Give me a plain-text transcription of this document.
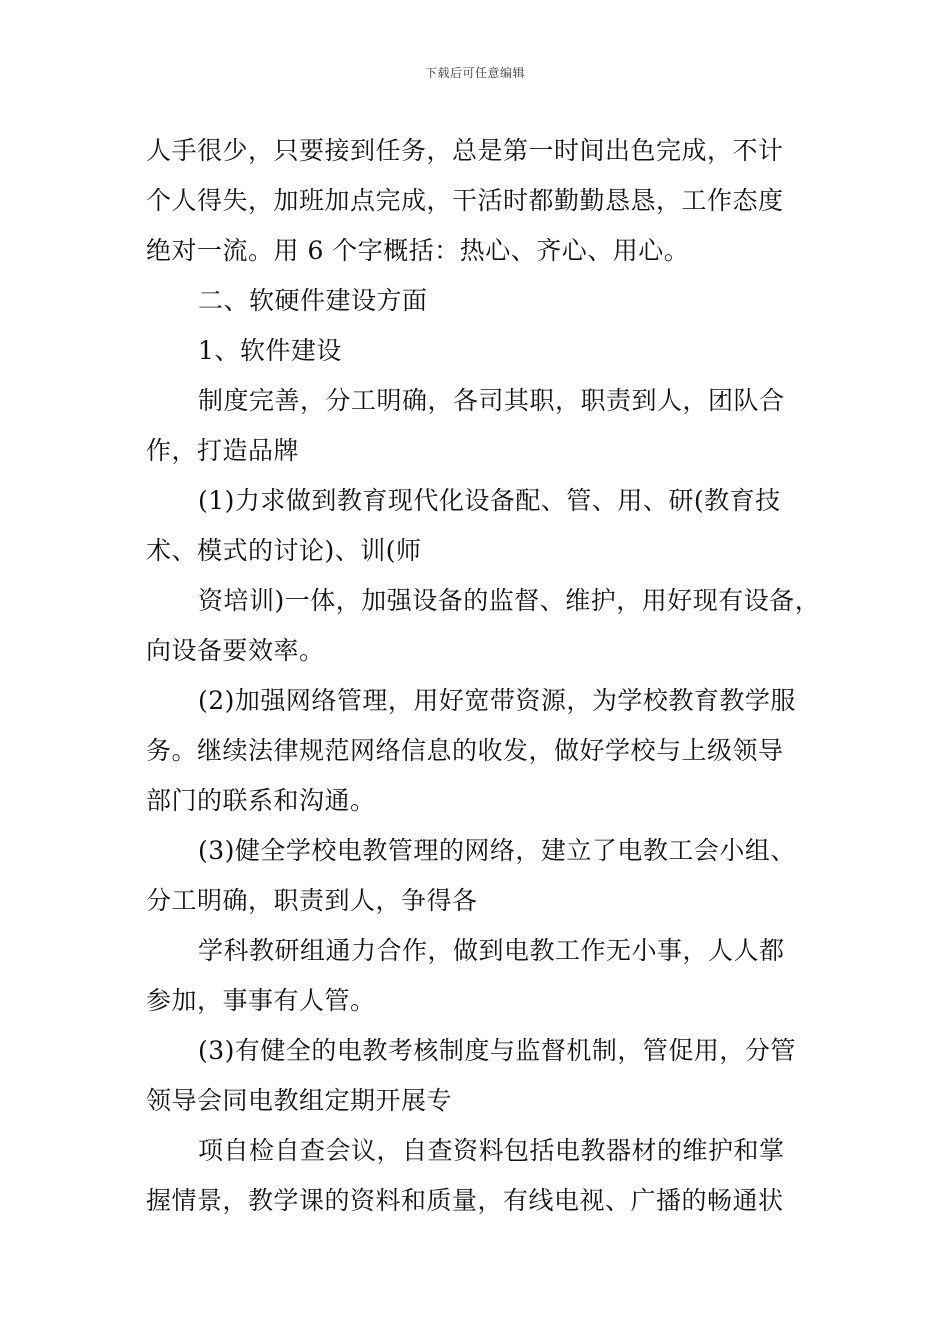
下载后可任意编辑
人手很少，只要接到任务，总是第一时间出色完成，不计
个人得失，加班加点完成，干活时都勤勤恳恳，工作态度
绝对一流。用 6 个字概括：热心、齐心、用心。
二、软硬件建设方面
1、软件建设
制度完善，分工明确，各司其职，职责到人，团队合
作，打造品牌
(1)力求做到教育现代化设备配、管、用、研(教育技
术、模式的讨论)、训(师
资培训)一体，加强设备的监督、维护，用好现有设备，
向设备要效率。
(2)加强网络管理，用好宽带资源，为学校教育教学服
务。继续法律规范网络信息的收发，做好学校与上级领导
部门的联系和沟通。
(3)健全学校电教管理的网络，建立了电教工会小组、
分工明确，职责到人，争得各
学科教研组通力合作，做到电教工作无小事，人人都
参加，事事有人管。
(3)有健全的电教考核制度与监督机制，管促用，分管
领导会同电教组定期开展专
项自检自查会议，自查资料包括电教器材的维护和掌
握情景，教学课的资料和质量，有线电视、广播的畅通状
